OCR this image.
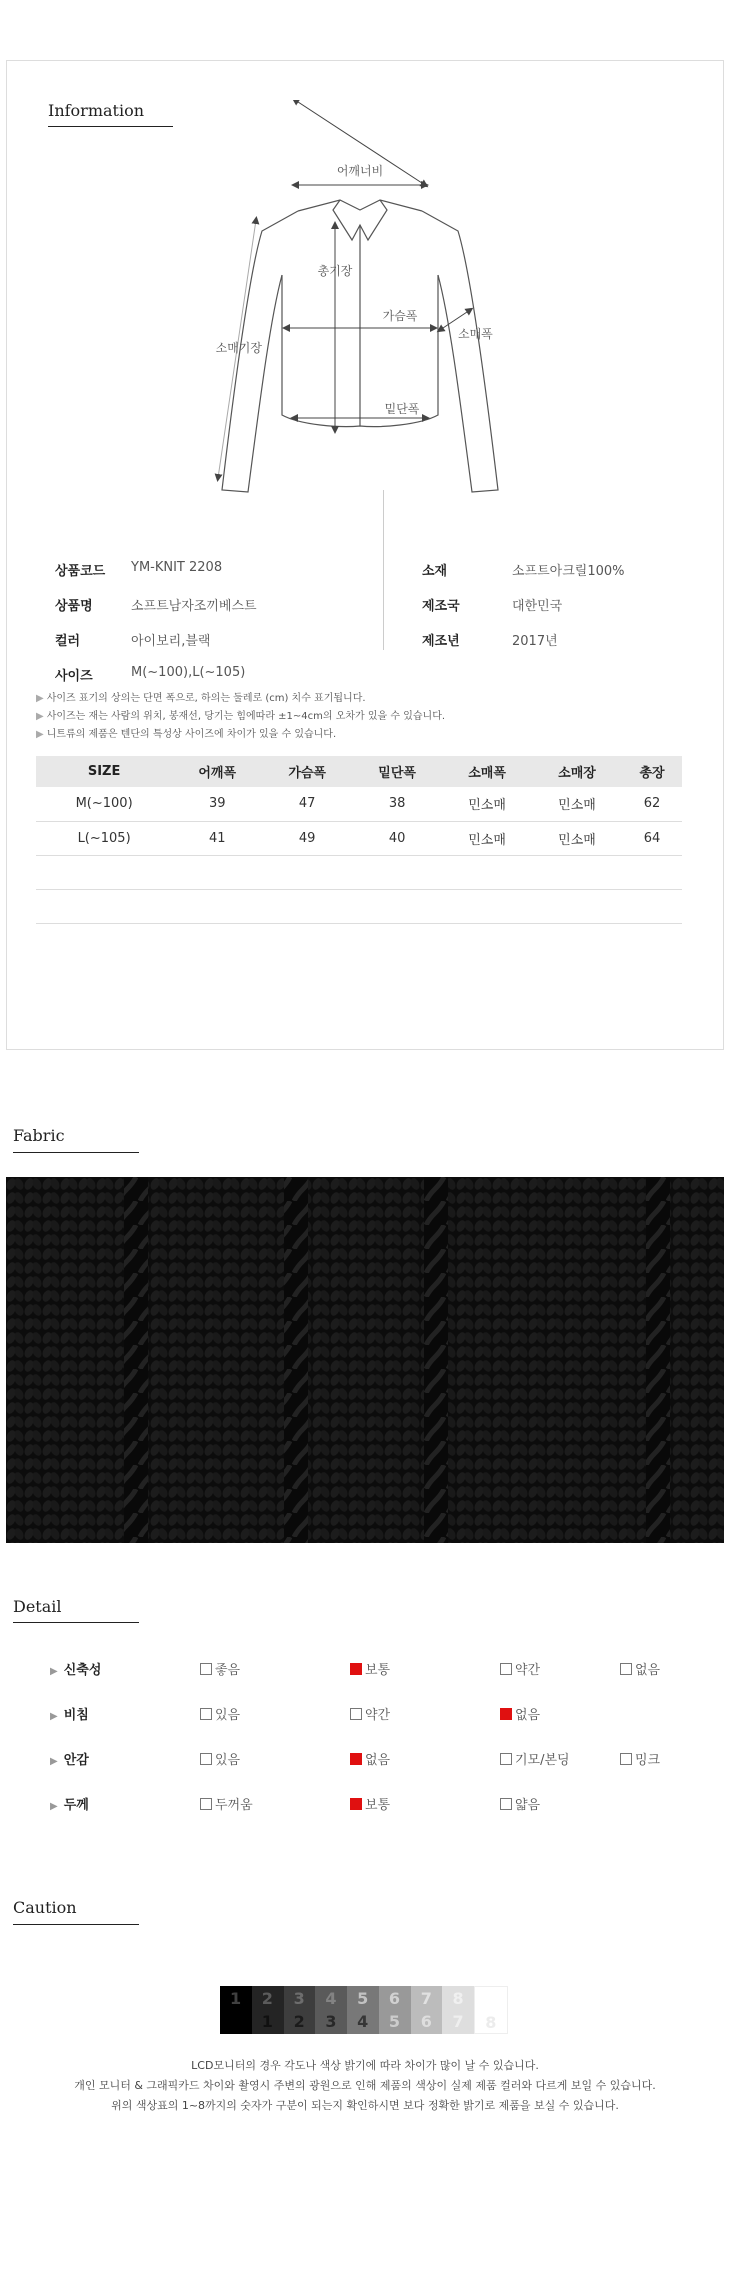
Information
어깨너비
총기장
가슴폭
소매기장
소매폭
밑단폭
상품코드 YM-KNIT 2208
상품명	소프트남자조끼베스트
컬러	아이보리,블랙
사이즈	M(~100),L(~105)
소재	소프트아크릴100%
제조국	대한민국
제조년	2017년
▶ 사이즈 표기의 상의는 단면 폭으로, 하의는 둘레로 (cm) 치수 표기됩니다.
▶ 사이즈는 재는 사람의 위치, 봉재선, 당기는 힘에따라 ±1~4cm의 오차가 있을 수 있습니다.
▶ 니트류의 제품은 텐단의 특성상 사이즈에 차이가 있을 수 있습니다.
SIZE	어깨폭	가슴폭	밑단폭	소매폭	소매장	총장
M(~100)	39	47	38	민소매	민소매	62
L(~105)	41	49	40	민소매	민소매	64

Fabric
Detail
▶ 신축성	좋음	보통	약간	없음
▶ 비침	있음	약간	없음
▶ 안감	있음	없음	기모/본딩	밍크
▶ 두께	두꺼움	보통	얇음
Caution
1 2
1
3
2
4
3
5
4
6
5
7
6
8
7 8
LCD모니터의 경우 각도나 색상 밝기에 따라 차이가 많이 날 수 있습니다.
개인 모니터 & 그래픽카드 차이와 촬영시 주변의 광원으로 인해 제품의 색상이 실제 제품 컬러와 다르게 보일 수 있습니다.
위의 색상표의 1~8까지의 숫자가 구분이 되는지 확인하시면 보다 정확한 밝기로 제품을 보실 수 있습니다.
